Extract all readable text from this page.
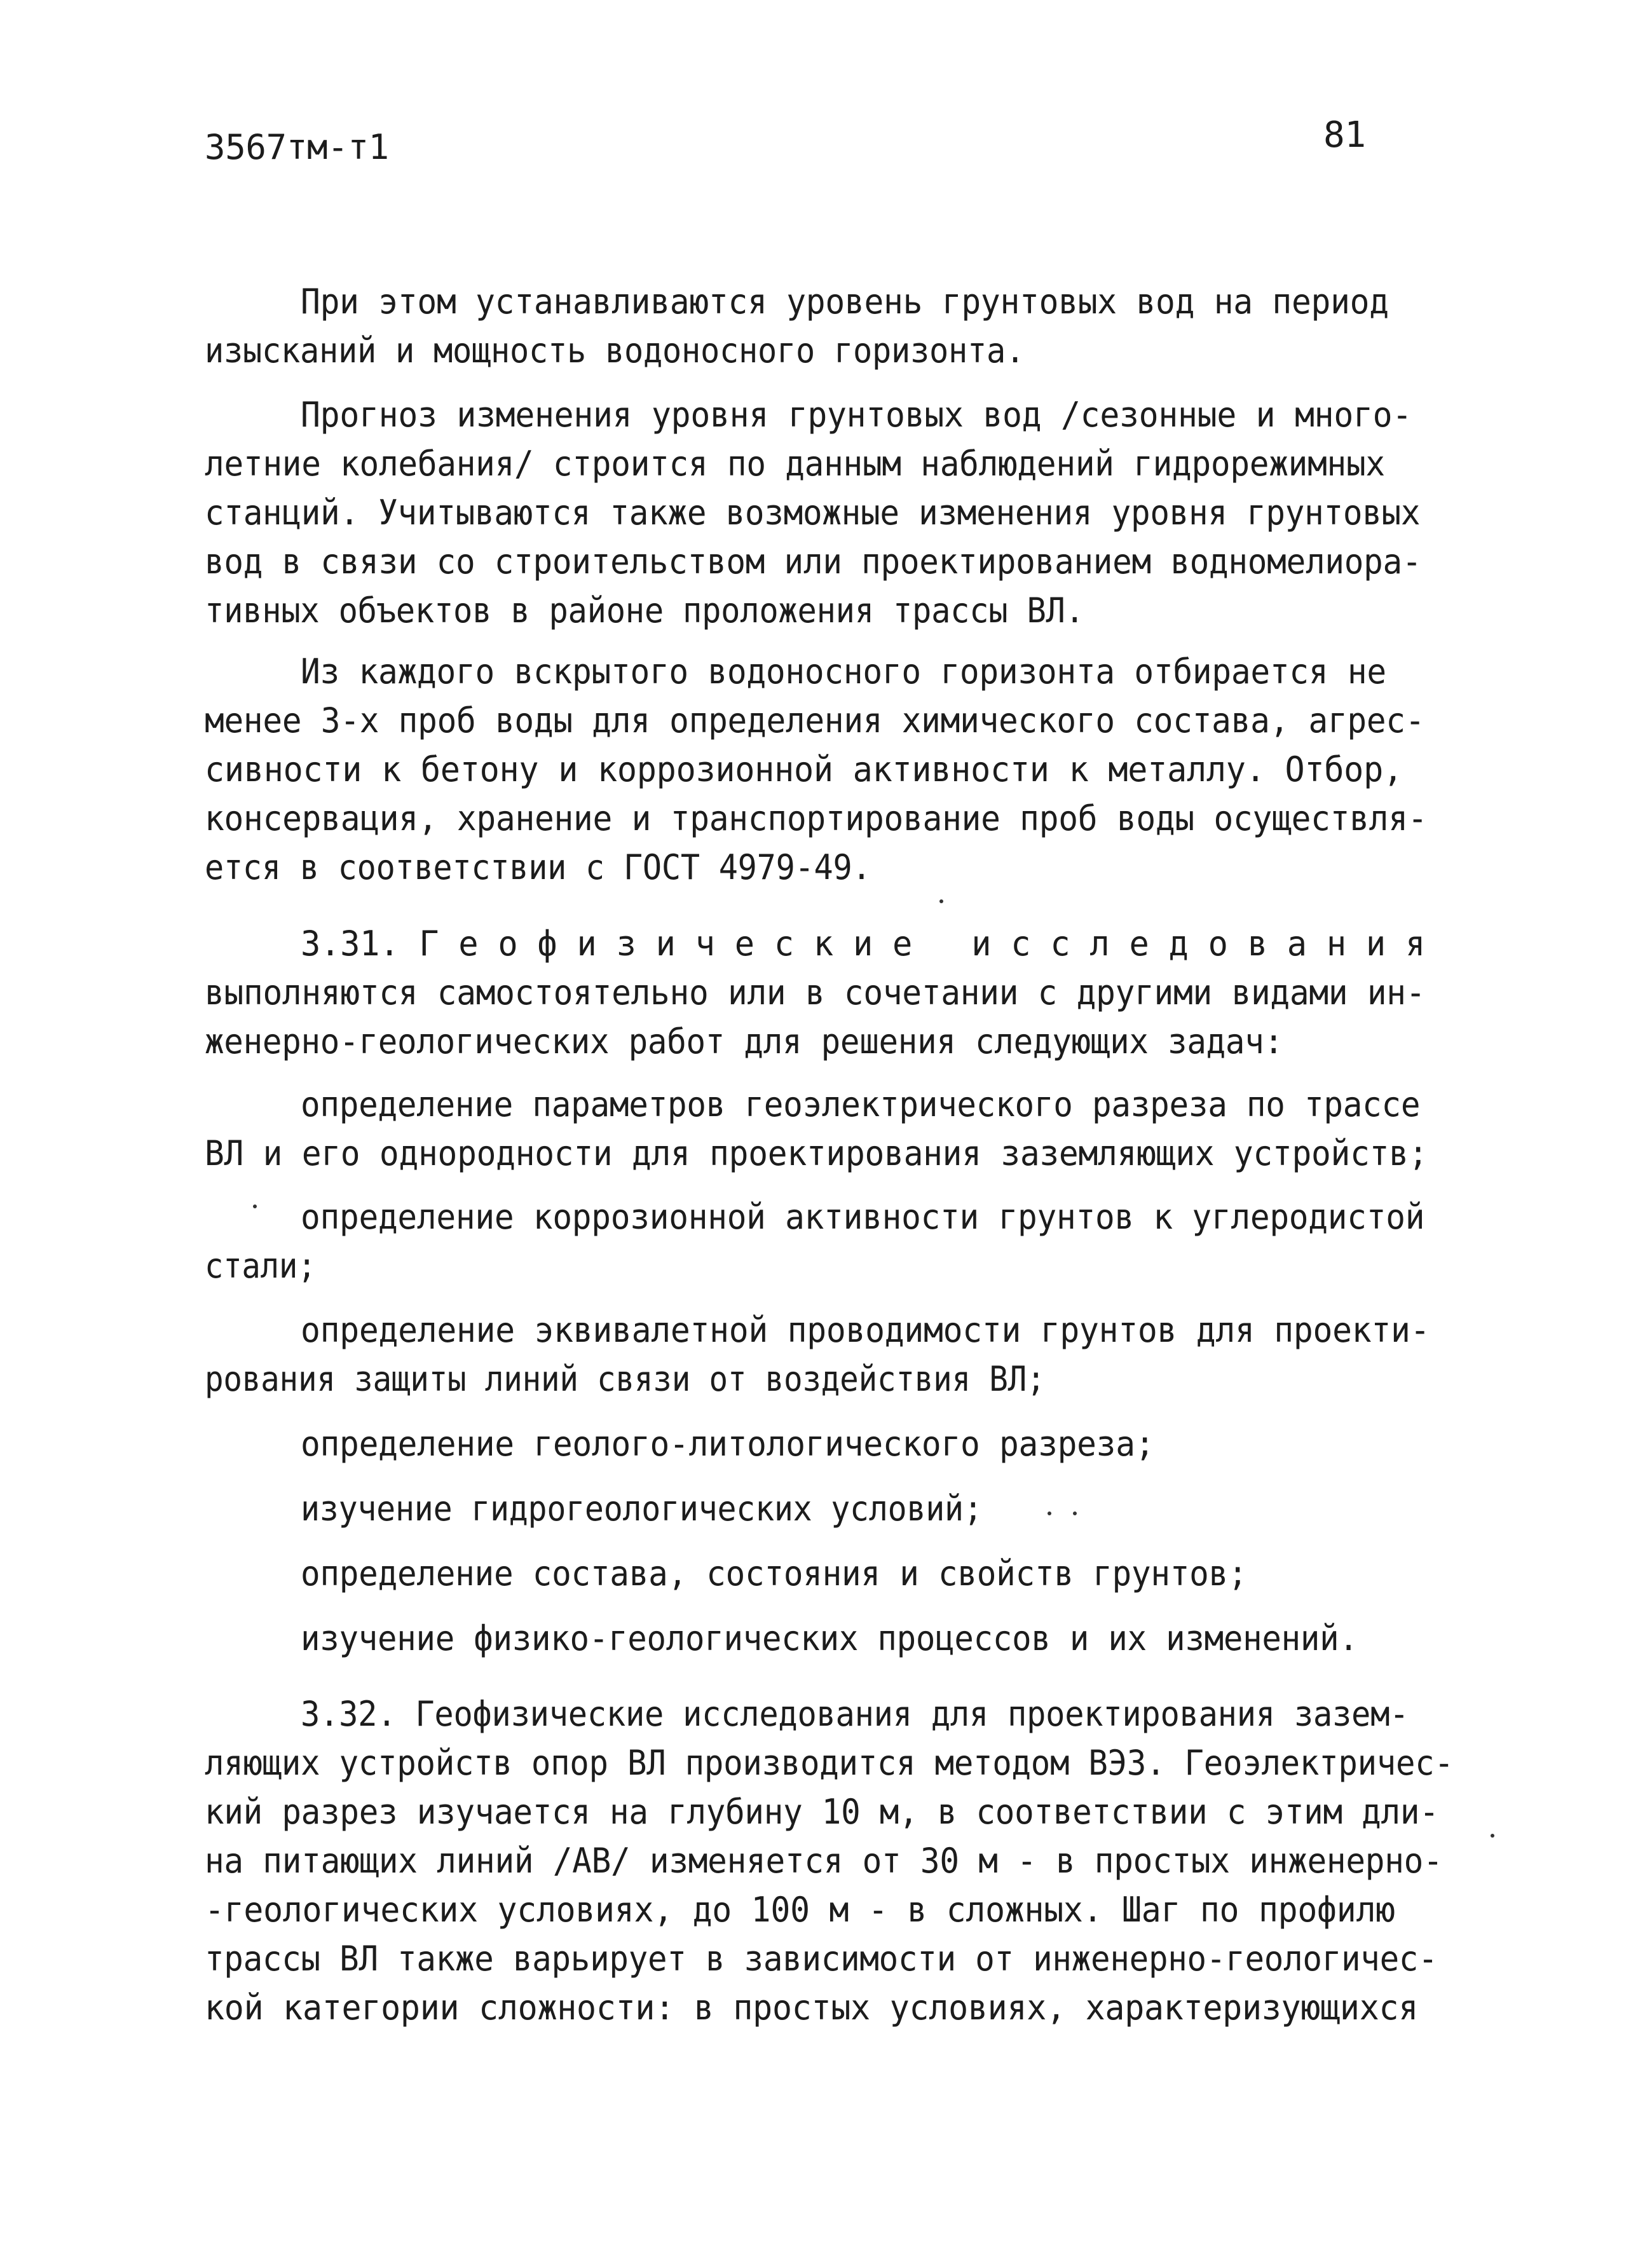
3567тм-т1	81
При этом устанавливаются уровень грунтовых вод на период
изысканий и мощность водоносного горизонта.
Прогноз изменения уровня грунтовых вод /сезонные и много-
летние колебания/ строится по данным наблюдений гидрорежимных
станций. Учитываются также возможные изменения уровня грунтовых
вод в связи со строительством или проектированием водномелиора-
тивных объектов в районе проложения трассы ВЛ.
Из каждого вскрытого водоносного горизонта отбирается не
менее 3-х проб воды для определения химического состава, агрес-
сивности к бетону и коррозионной активности к металлу. Отбор,
консервация, хранение и транспортирование проб воды осуществля-
ется в соответствии с ГОСТ 4979-49.
3.31. Г е о ф и з и ч е с к и е   и с с л е д о в а н и я
выполняются самостоятельно или в сочетании с другими видами ин-
женерно-геологических работ для решения следующих задач:
определение параметров геоэлектрического разреза по трассе
ВЛ и его однородности для проектирования заземляющих устройств;
определение коррозионной активности грунтов к углеродистой
стали;
определение эквивалетной проводимости грунтов для проекти-
рования защиты линий связи от воздействия ВЛ;
определение геолого-литологического разреза;
изучение гидрогеологических условий;
определение состава, состояния и свойств грунтов;
изучение физико-геологических процессов и их изменений.
3.32. Геофизические исследования для проектирования зазем-
ляющих устройств опор ВЛ производится методом ВЭЗ. Геоэлектричес-
кий разрез изучается на глубину 10 м, в соответствии с этим дли-
на питающих линий /АВ/ изменяется от 30 м - в простых инженерно-
-геологических условиях, до 100 м - в сложных. Шаг по профилю
трассы ВЛ также варьирует в зависимости от инженерно-геологичес-
кой категории сложности: в простых условиях, характеризующихся
